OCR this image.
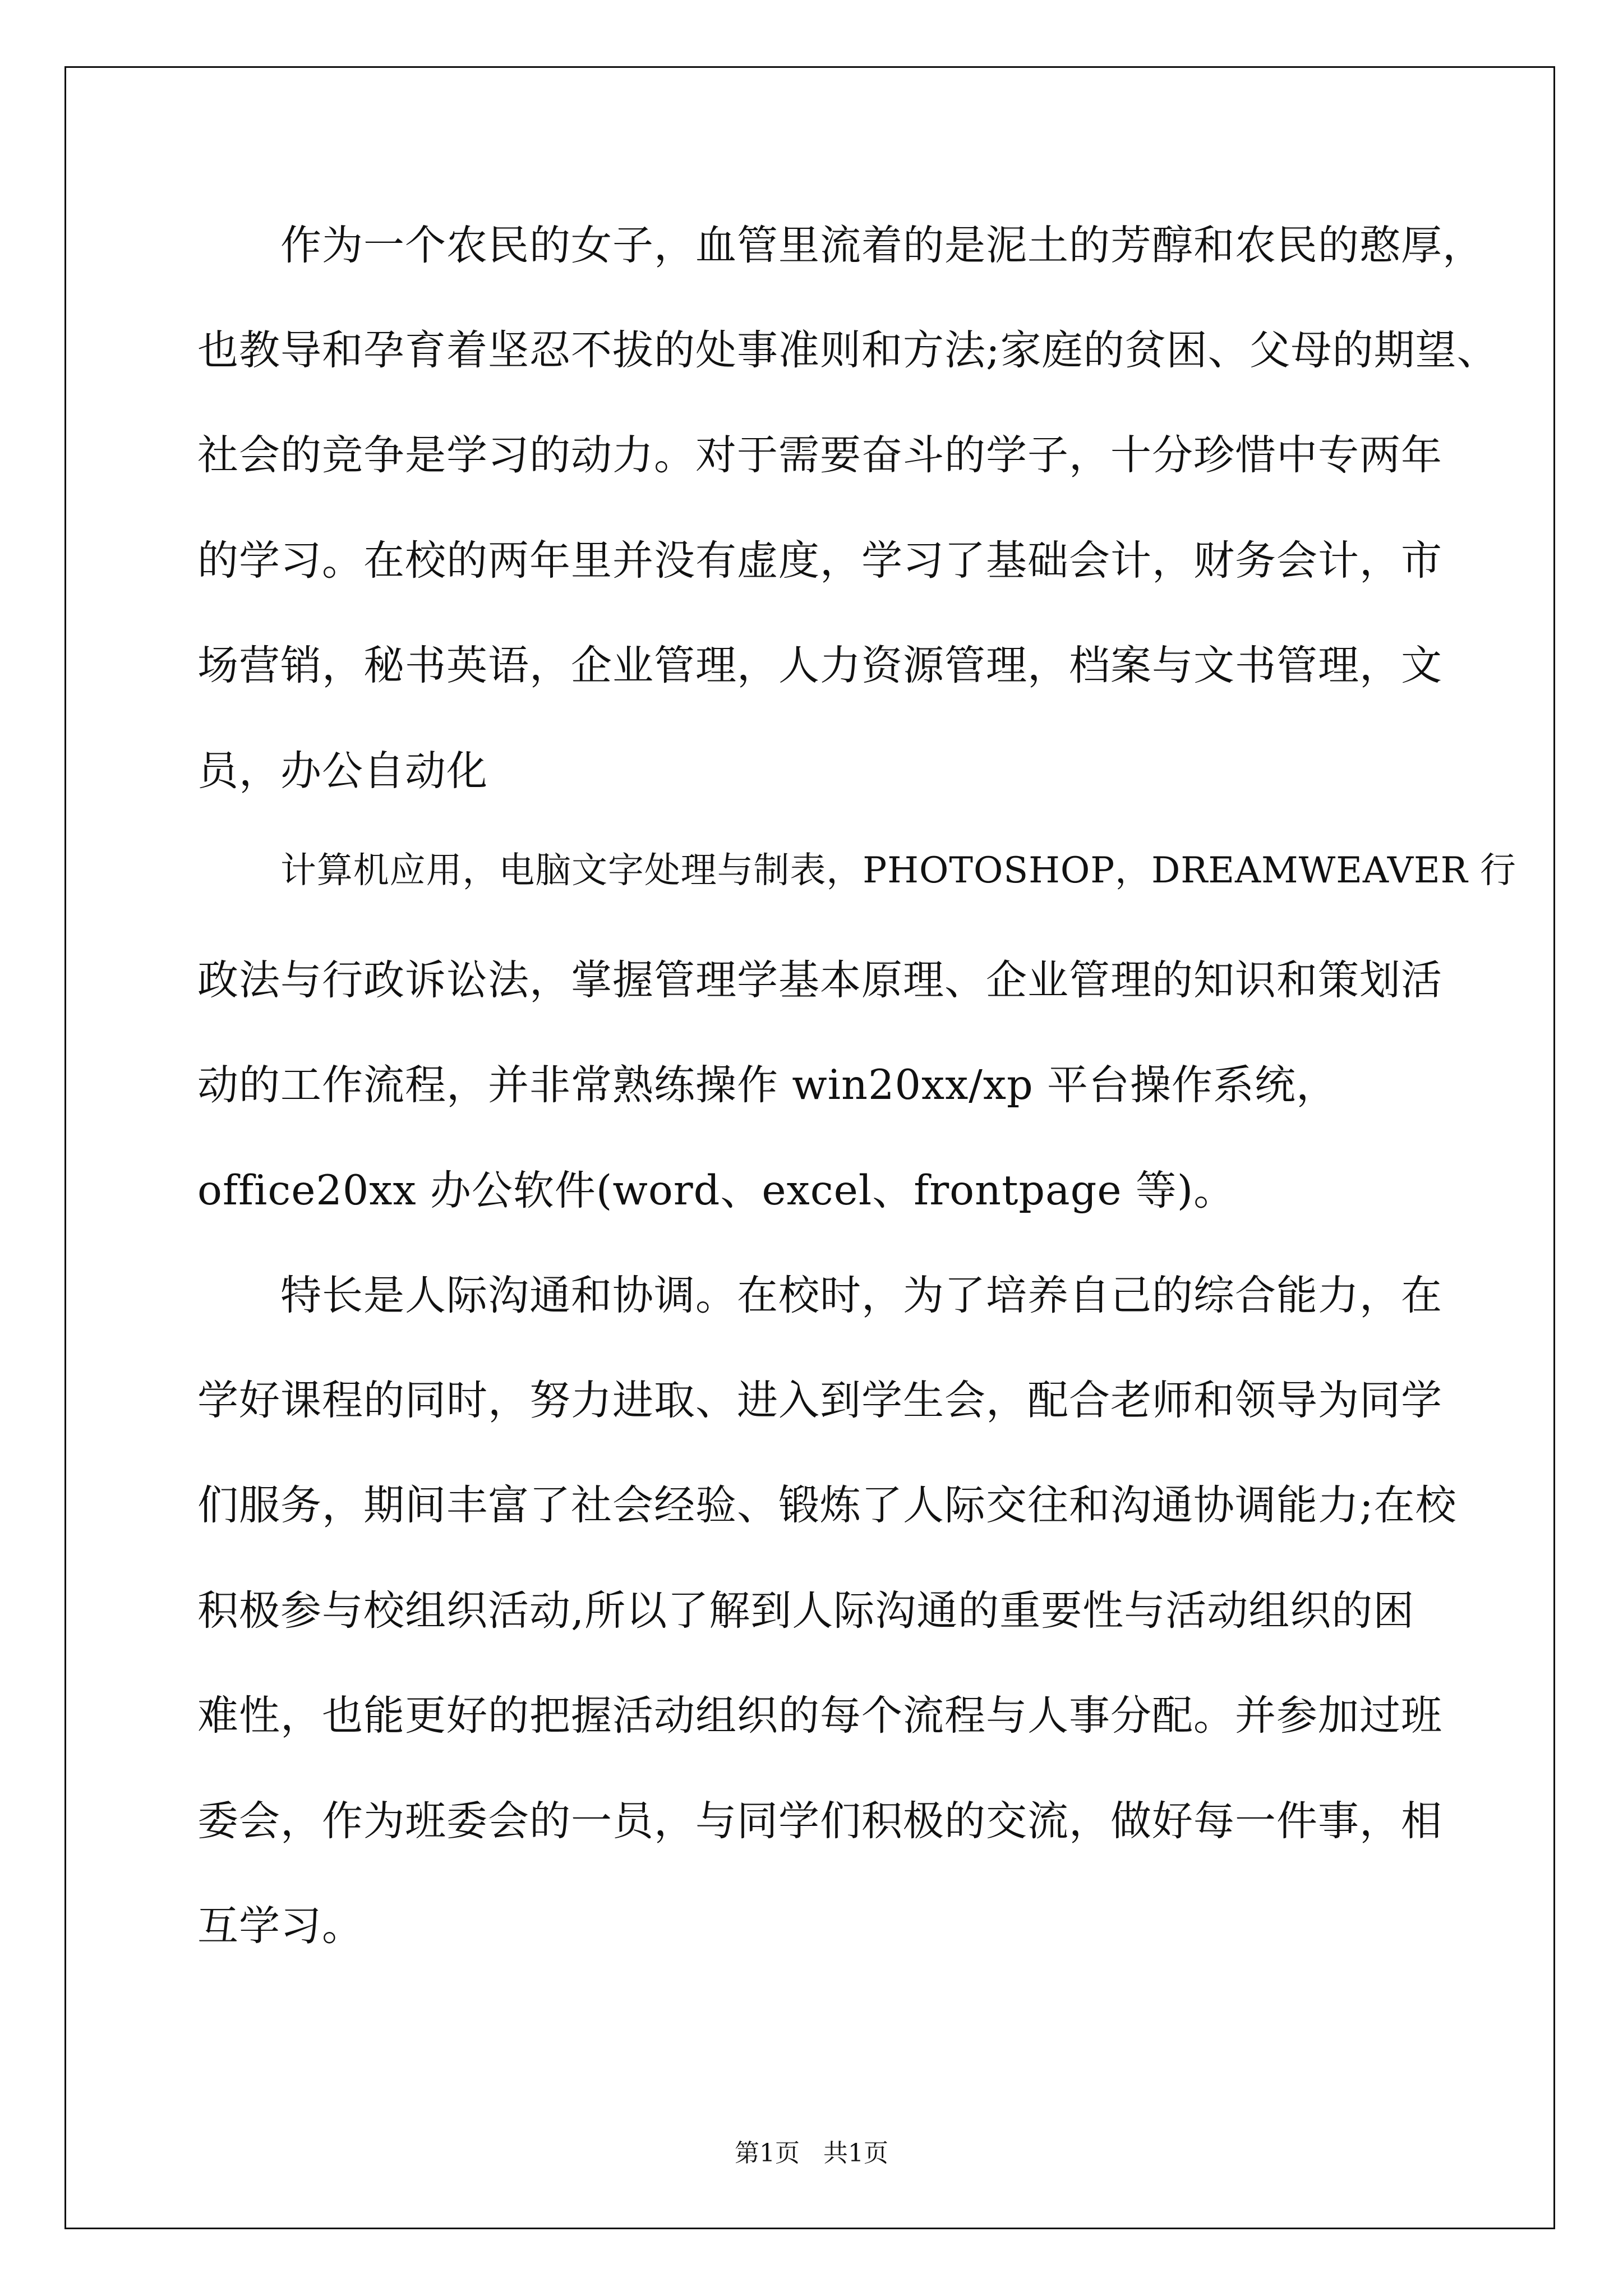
作为一个农民的女子，血管里流着的是泥土的芳醇和农民的憨厚，
也教导和孕育着坚忍不拔的处事准则和方法;家庭的贫困、父母的期望、
社会的竞争是学习的动力。对于需要奋斗的学子，十分珍惜中专两年
的学习。在校的两年里并没有虚度，学习了基础会计，财务会计，市
场营销，秘书英语，企业管理，人力资源管理，档案与文书管理，文
员，办公自动化
计算机应用，电脑文字处理与制表，PHOTOSHOP，DREAMWEAVER 行
政法与行政诉讼法，掌握管理学基本原理、企业管理的知识和策划活
动的工作流程，并非常熟练操作 win20xx/xp 平台操作系统，
office20xx 办公软件(word、excel、frontpage 等)。
特长是人际沟通和协调。在校时，为了培养自己的综合能力，在
学好课程的同时，努力进取、进入到学生会，配合老师和领导为同学
们服务，期间丰富了社会经验、锻炼了人际交往和沟通协调能力;在校
积极参与校组织活动,所以了解到人际沟通的重要性与活动组织的困
难性，也能更好的把握活动组织的每个流程与人事分配。并参加过班
委会，作为班委会的一员，与同学们积极的交流，做好每一件事，相
互学习。
第1页   共1页
